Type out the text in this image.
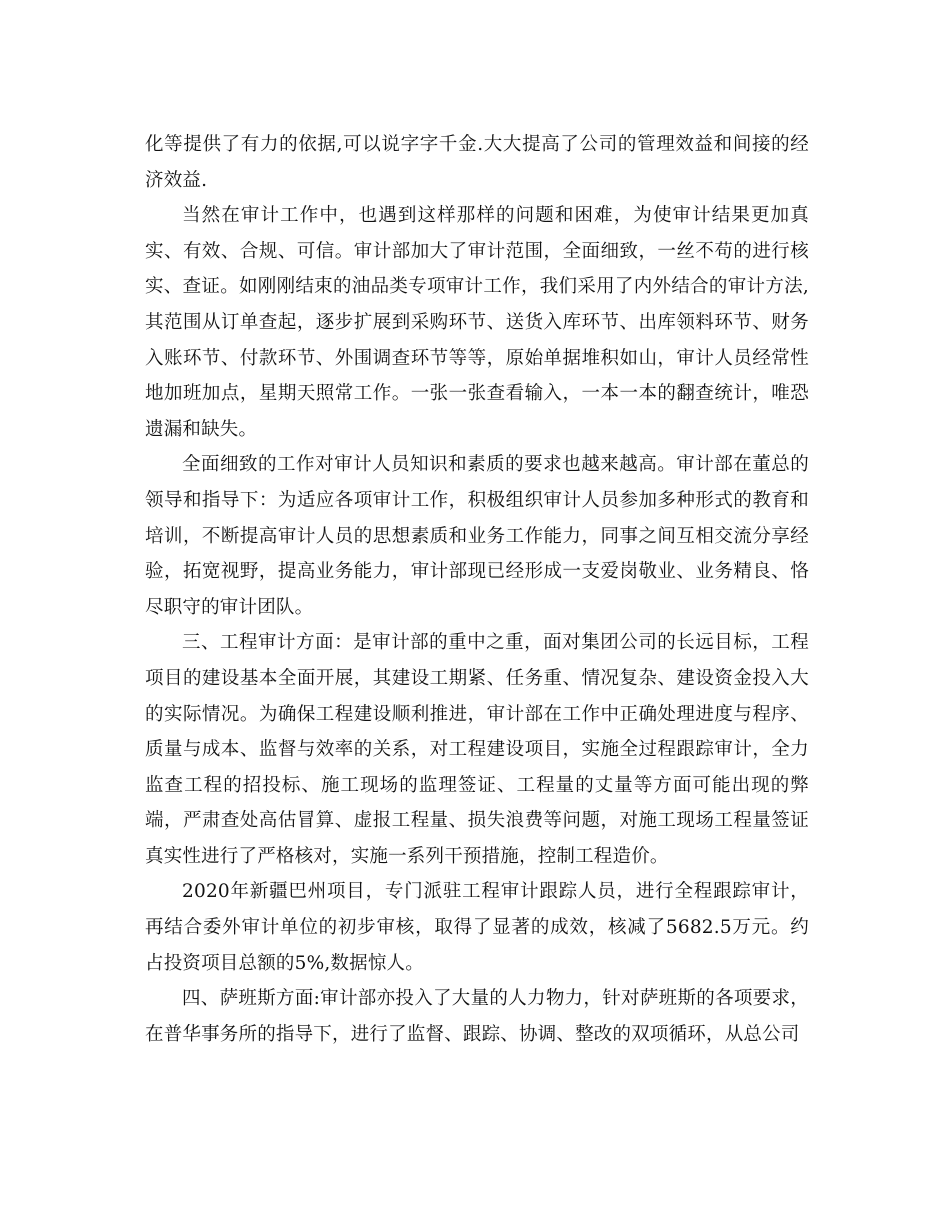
化等提供了有力的依据,可以说字字千金.大大提高了公司的管理效益和间接的经济效益.

当然在审计工作中，也遇到这样那样的问题和困难，为使审计结果更加真实、有效、合规、可信。审计部加大了审计范围，全面细致，一丝不苟的进行核实、查证。如刚刚结束的油品类专项审计工作，我们采用了内外结合的审计方法,其范围从订单查起，逐步扩展到采购环节、送货入库环节、出库领料环节、财务入账环节、付款环节、外围调查环节等等，原始单据堆积如山，审计人员经常性地加班加点，星期天照常工作。一张一张查看输入，一本一本的翻查统计，唯恐遗漏和缺失。

全面细致的工作对审计人员知识和素质的要求也越来越高。审计部在董总的领导和指导下：为适应各项审计工作，积极组织审计人员参加多种形式的教育和培训，不断提高审计人员的思想素质和业务工作能力，同事之间互相交流分享经验，拓宽视野，提高业务能力，审计部现已经形成一支爱岗敬业、业务精良、恪尽职守的审计团队。

三、工程审计方面：是审计部的重中之重，面对集团公司的长远目标，工程项目的建设基本全面开展，其建设工期紧、任务重、情况复杂、建设资金投入大的实际情况。为确保工程建设顺利推进，审计部在工作中正确处理进度与程序、质量与成本、监督与效率的关系，对工程建设项目，实施全过程跟踪审计，全力监查工程的招投标、施工现场的监理签证、工程量的丈量等方面可能出现的弊端，严肃查处高估冒算、虚报工程量、损失浪费等问题，对施工现场工程量签证真实性进行了严格核对，实施一系列干预措施，控制工程造价。

2020年新疆巴州项目，专门派驻工程审计跟踪人员，进行全程跟踪审计，再结合委外审计单位的初步审核，取得了显著的成效，核减了5682.5万元。约占投资项目总额的5%,数据惊人。

四、萨班斯方面:审计部亦投入了大量的人力物力，针对萨班斯的各项要求，在普华事务所的指导下，进行了监督、跟踪、协调、整改的双项循环，从总公司
